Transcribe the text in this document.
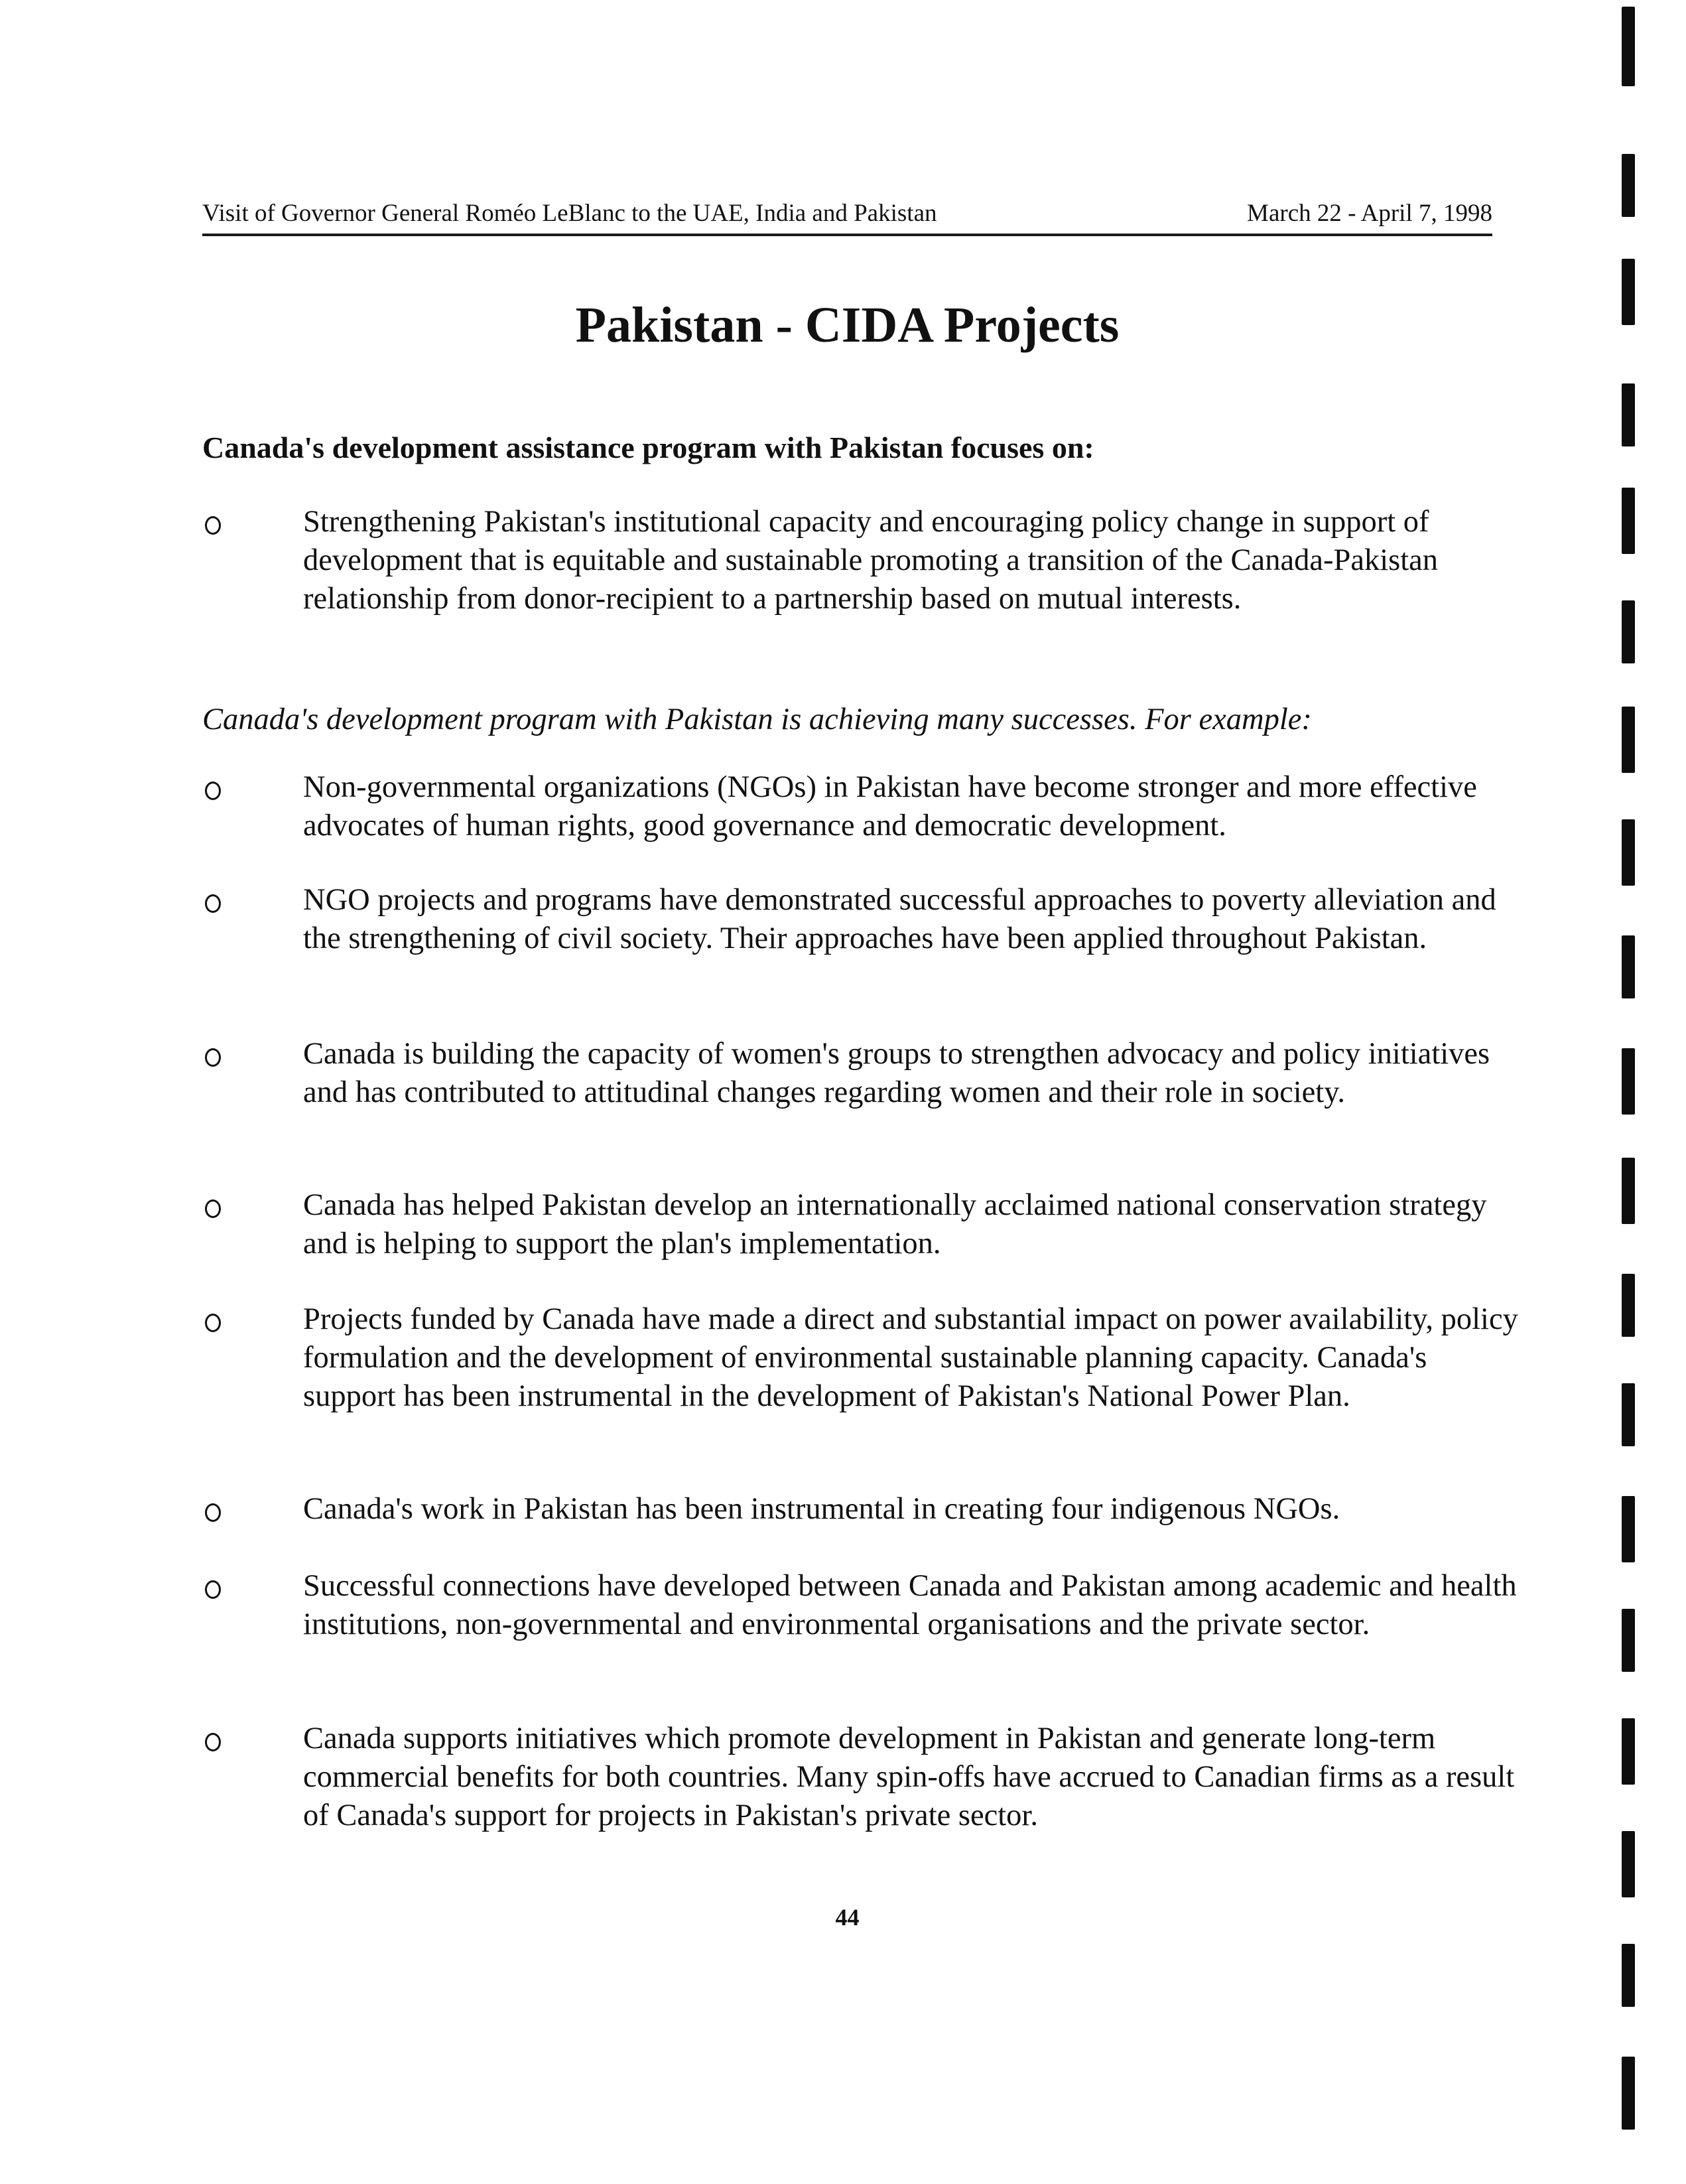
Visit of Governor General Roméo LeBlanc to the UAE, India and Pakistan	March 22 - April 7, 1998
Pakistan - CIDA Projects
Canada's development assistance program with Pakistan focuses on:
Strengthening Pakistan's institutional capacity and encouraging policy change in support of development that is equitable and sustainable promoting a transition of the Canada-Pakistan relationship from donor-recipient to a partnership based on mutual interests.
Canada's development program with Pakistan is achieving many successes. For example:
Non-governmental organizations (NGOs) in Pakistan have become stronger and more effective advocates of human rights, good governance and democratic development.
NGO projects and programs have demonstrated successful approaches to poverty alleviation and the strengthening of civil society. Their approaches have been applied throughout Pakistan.
Canada is building the capacity of women's groups to strengthen advocacy and policy initiatives and has contributed to attitudinal changes regarding women and their role in society.
Canada has helped Pakistan develop an internationally acclaimed national conservation strategy and is helping to support the plan's implementation.
Projects funded by Canada have made a direct and substantial impact on power availability, policy formulation and the development of environmental sustainable planning capacity. Canada's support has been instrumental in the development of Pakistan's National Power Plan.
Canada's work in Pakistan has been instrumental in creating four indigenous NGOs.
Successful connections have developed between Canada and Pakistan among academic and health institutions, non-governmental and environmental organisations and the private sector.
Canada supports initiatives which promote development in Pakistan and generate long-term commercial benefits for both countries. Many spin-offs have accrued to Canadian firms as a result of Canada's support for projects in Pakistan's private sector.
44
